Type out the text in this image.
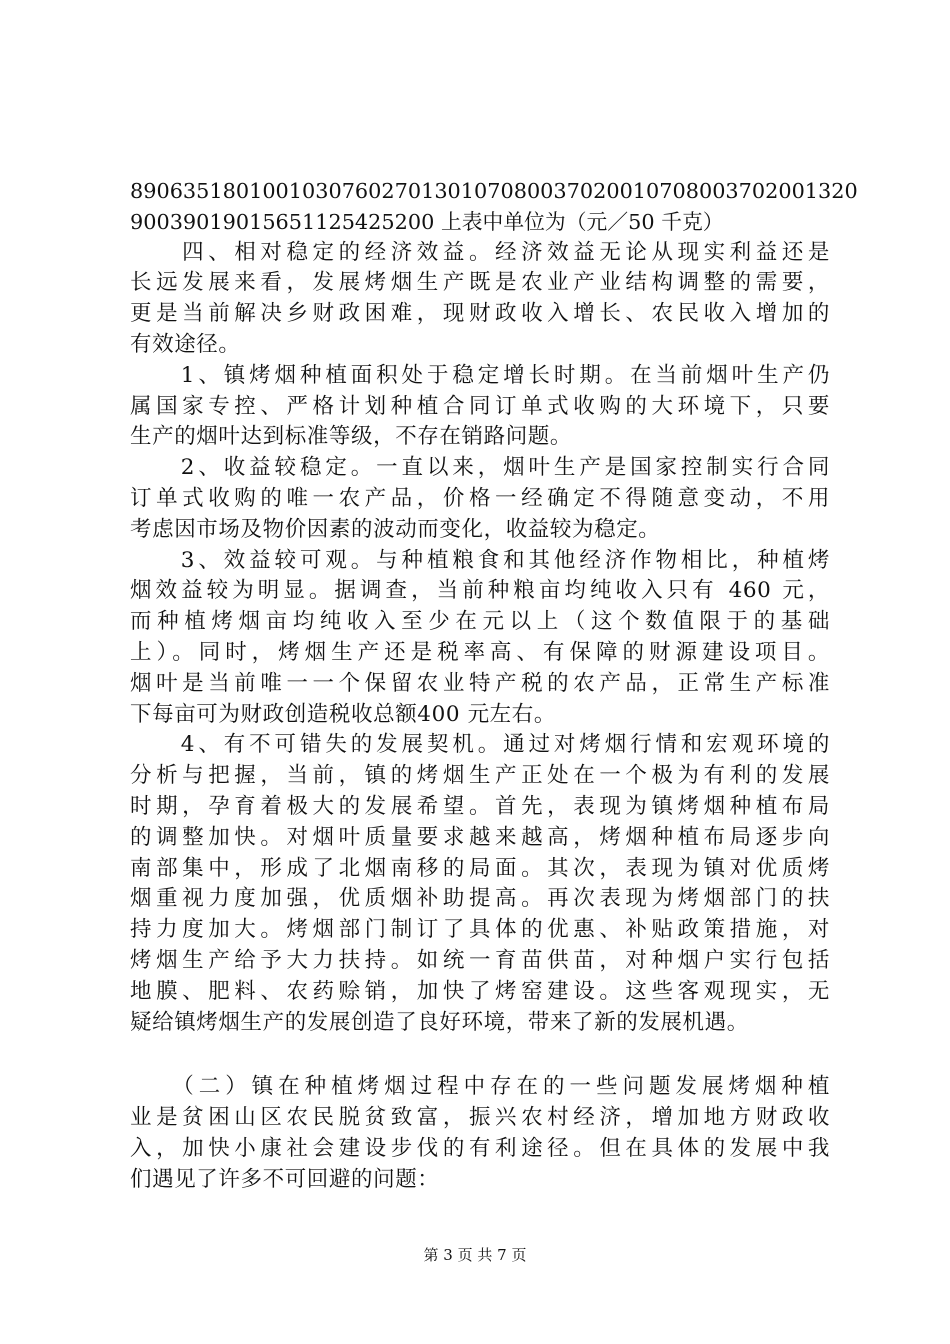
8906351801001030760270130107080037020010708003702001320
90039019015651125425200 上表中单位为（元／50 千克）
　　四、相对稳定的经济效益。经济效益无论从现实利益还是
长远发展来看，发展烤烟生产既是农业产业结构调整的需要，
更是当前解决乡财政困难，现财政收入增长、农民收入增加的
有效途径。
　　1、镇烤烟种植面积处于稳定增长时期。在当前烟叶生产仍
属国家专控、严格计划种植合同订单式收购的大环境下，只要
生产的烟叶达到标准等级，不存在销路问题。
　　2、收益较稳定。一直以来，烟叶生产是国家控制实行合同
订单式收购的唯一农产品，价格一经确定不得随意变动，不用
考虑因市场及物价因素的波动而变化，收益较为稳定。
　　3、效益较可观。与种植粮食和其他经济作物相比，种植烤
烟效益较为明显。据调查，当前种粮亩均纯收入只有 460 元，
而种植烤烟亩均纯收入至少在元以上（这个数值限于的基础
上）。同时，烤烟生产还是税率高、有保障的财源建设项目。
烟叶是当前唯一一个保留农业特产税的农产品，正常生产标准
下每亩可为财政创造税收总额400 元左右。
　　4、有不可错失的发展契机。通过对烤烟行情和宏观环境的
分析与把握，当前，镇的烤烟生产正处在一个极为有利的发展
时期，孕育着极大的发展希望。首先，表现为镇烤烟种植布局
的调整加快。对烟叶质量要求越来越高，烤烟种植布局逐步向
南部集中，形成了北烟南移的局面。其次，表现为镇对优质烤
烟重视力度加强，优质烟补助提高。再次表现为烤烟部门的扶
持力度加大。烤烟部门制订了具体的优惠、补贴政策措施，对
烤烟生产给予大力扶持。如统一育苗供苗，对种烟户实行包括
地膜、肥料、农药赊销，加快了烤窑建设。这些客观现实，无
疑给镇烤烟生产的发展创造了良好环境，带来了新的发展机遇。
　　（二）镇在种植烤烟过程中存在的一些问题发展烤烟种植
业是贫困山区农民脱贫致富，振兴农村经济，增加地方财政收
入，加快小康社会建设步伐的有利途径。但在具体的发展中我
们遇见了许多不可回避的问题：
第 3 页 共 7 页
